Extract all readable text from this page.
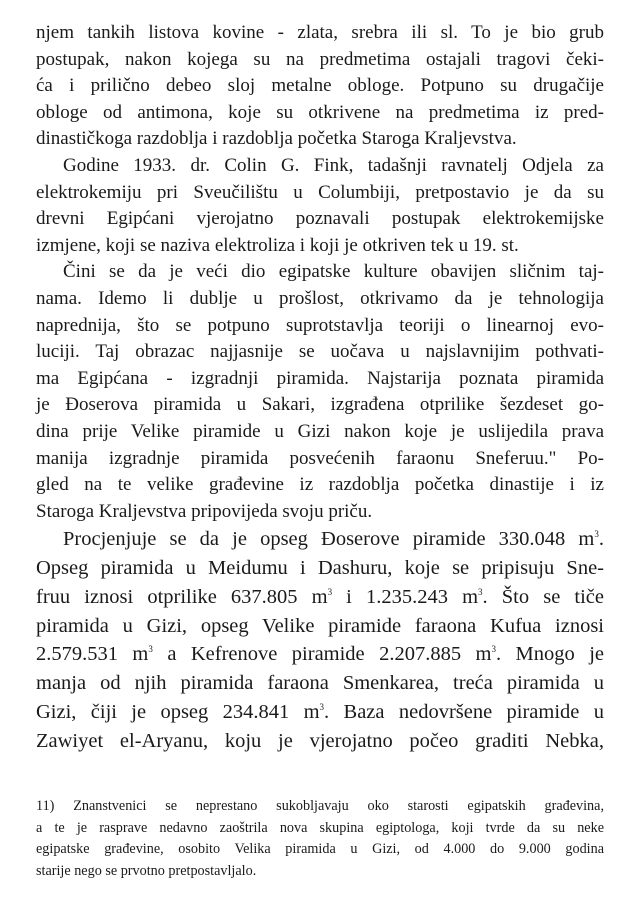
njem tankih listova kovine - zlata, srebra ili sl. To je bio grub
postupak, nakon kojega su na predmetima ostajali tragovi čeki-
ća i prilično debeo sloj metalne obloge. Potpuno su drugačije
obloge od antimona, koje su otkrivene na predmetima iz pred-
dinastičkoga razdoblja i razdoblja početka Staroga Kraljevstva.
Godine 1933. dr. Colin G. Fink, tadašnji ravnatelj Odjela za
elektrokemiju pri Sveučilištu u Columbiji, pretpostavio je da su
drevni Egipćani vjerojatno poznavali postupak elektrokemijske
izmjene, koji se naziva elektroliza i koji je otkriven tek u 19. st.
Čini se da je veći dio egipatske kulture obavijen sličnim taj-
nama. Idemo li dublje u prošlost, otkrivamo da je tehnologija
naprednija, što se potpuno suprotstavlja teoriji o linearnoj evo-
luciji. Taj obrazac najjasnije se uočava u najslavnijim pothvati-
ma Egipćana - izgradnji piramida. Najstarija poznata piramida
je Đoserova piramida u Sakari, izgrađena otprilike šezdeset go-
dina prije Velike piramide u Gizi nakon koje je uslijedila prava
manija izgradnje piramida posvećenih faraonu Sneferuu." Po-
gled na te velike građevine iz razdoblja početka dinastije i iz
Staroga Kraljevstva pripovijeda svoju priču.
Procjenjuje se da je opseg Đoserove piramide 330.048 $m^3$.
Opseg piramida u Meidumu i Dashuru, koje se pripisuju Sne-
fruu iznosi otprilike 637.805 $m^3$ i 1.235.243 $m^3$. Što se tiče
piramida u Gizi, opseg Velike piramide faraona Kufua iznosi
2.579.531 $m^3$ a Kefrenove piramide 2.207.885 $m^3$. Mnogo je
manja od njih piramida faraona Smenkarea, treća piramida u
Gizi, čiji je opseg 234.841 $m^3$. Baza nedovršene piramide u
Zawiyet el-Aryanu, koju je vjerojatno počeo graditi Nebka,
11) Znanstvenici se neprestano sukobljavaju oko starosti egipatskih građevina,
a te je rasprave nedavno zaoštrila nova skupina egiptologa, koji tvrde da su neke
egipatske građevine, osobito Velika piramida u Gizi, od 4.000 do 9.000 godina
starije nego se prvotno pretpostavljalo.
